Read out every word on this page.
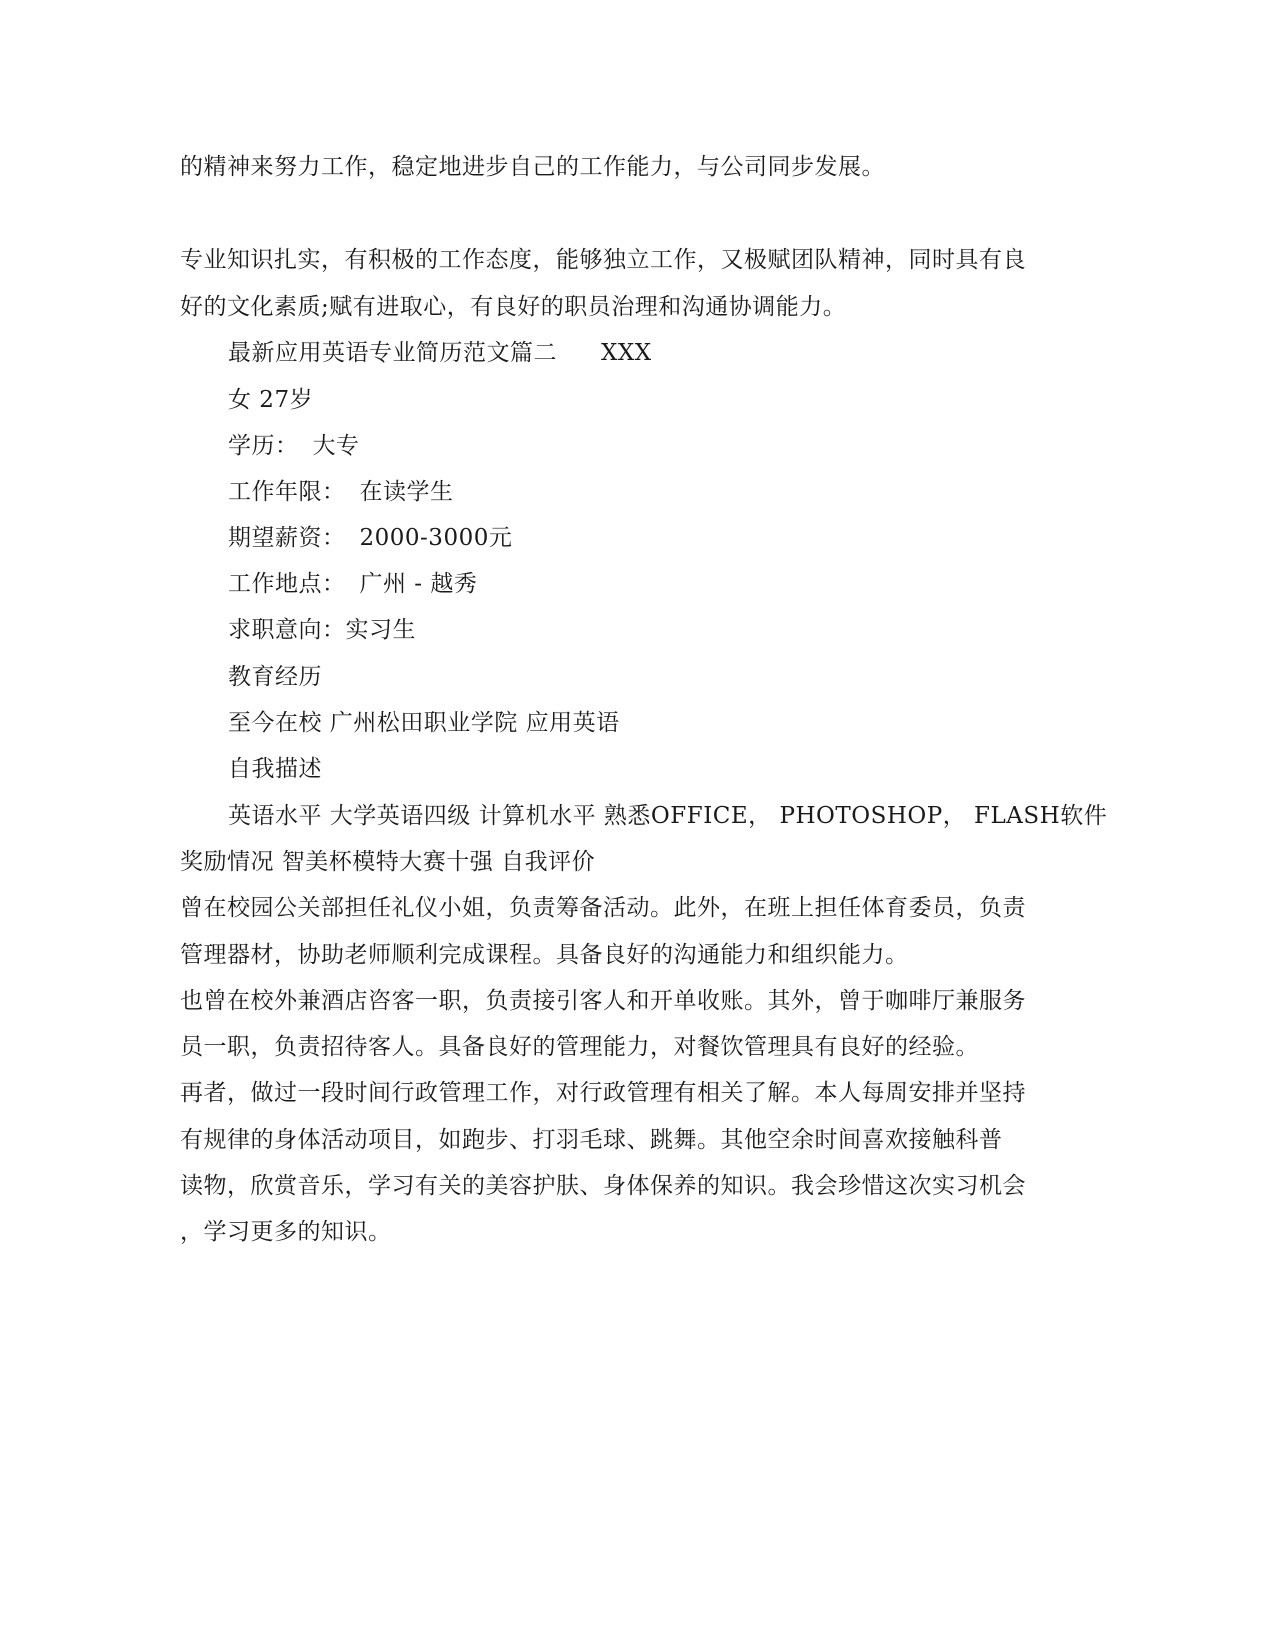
的精神来努力工作，稳定地进步自己的工作能力，与公司同步发展。
专业知识扎实，有积极的工作态度，能够独立工作，又极赋团队精神，同时具有良
好的文化素质;赋有进取心，有良好的职员治理和沟通协调能力。
最新应用英语专业简历范文篇二 XXX
女 27岁
学历： 大专
工作年限： 在读学生
期望薪资： 2000-3000元
工作地点： 广州 - 越秀
求职意向：实习生
教育经历
至今在校 广州松田职业学院 应用英语
自我描述
英语水平 大学英语四级 计算机水平 熟悉OFFICE， PHOTOSHOP， FLASH软件
奖励情况 智美杯模特大赛十强 自我评价
曾在校园公关部担任礼仪小姐，负责筹备活动。此外，在班上担任体育委员，负责
管理器材，协助老师顺利完成课程。具备良好的沟通能力和组织能力。
也曾在校外兼酒店咨客一职，负责接引客人和开单收账。其外，曾于咖啡厅兼服务
员一职，负责招待客人。具备良好的管理能力，对餐饮管理具有良好的经验。
再者，做过一段时间行政管理工作，对行政管理有相关了解。本人每周安排并坚持
有规律的身体活动项目，如跑步、打羽毛球、跳舞。其他空余时间喜欢接触科普
读物，欣赏音乐，学习有关的美容护肤、身体保养的知识。我会珍惜这次实习机会
，学习更多的知识。
